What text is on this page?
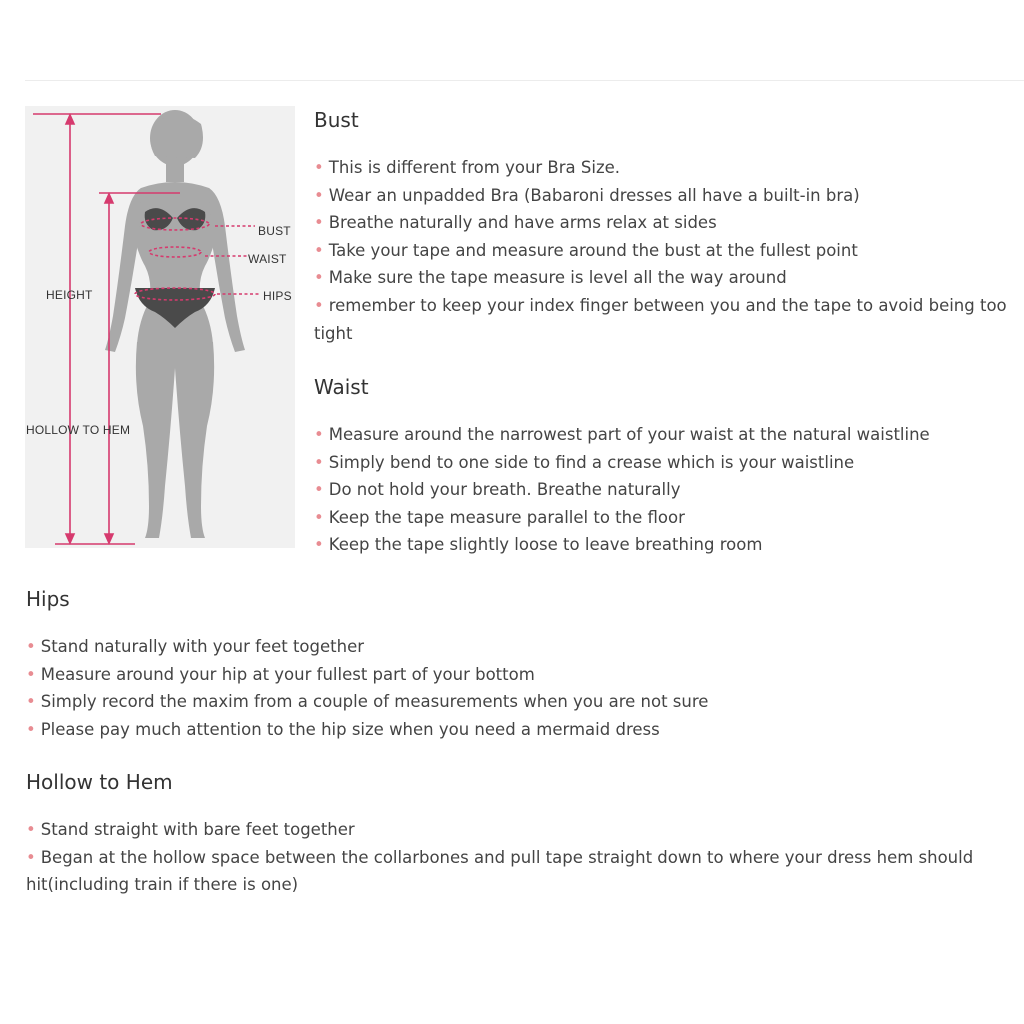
BUST
WAIST
HIPS
HEIGHT
HOLLOW TO HEM
Bust
• This is different from your Bra Size.
• Wear an unpadded Bra (Babaroni dresses all have a built-in bra)
• Breathe naturally and have arms relax at sides
• Take your tape and measure around the bust at the fullest point
• Make sure the tape measure is level all the way around
• remember to keep your index finger between you and the tape to avoid being too tight
Waist
• Measure around the narrowest part of your waist at the natural waistline
• Simply bend to one side to find a crease which is your waistline
• Do not hold your breath. Breathe naturally
• Keep the tape measure parallel to the floor
• Keep the tape slightly loose to leave breathing room
Hips
• Stand naturally with your feet together
• Measure around your hip at your fullest part of your bottom
• Simply record the maxim from a couple of measurements when you are not sure
• Please pay much attention to the hip size when you need a mermaid dress
Hollow to Hem
• Stand straight with bare feet together
• Began at the hollow space between the collarbones and pull tape straight down to where your dress hem should hit(including train if there is one)
